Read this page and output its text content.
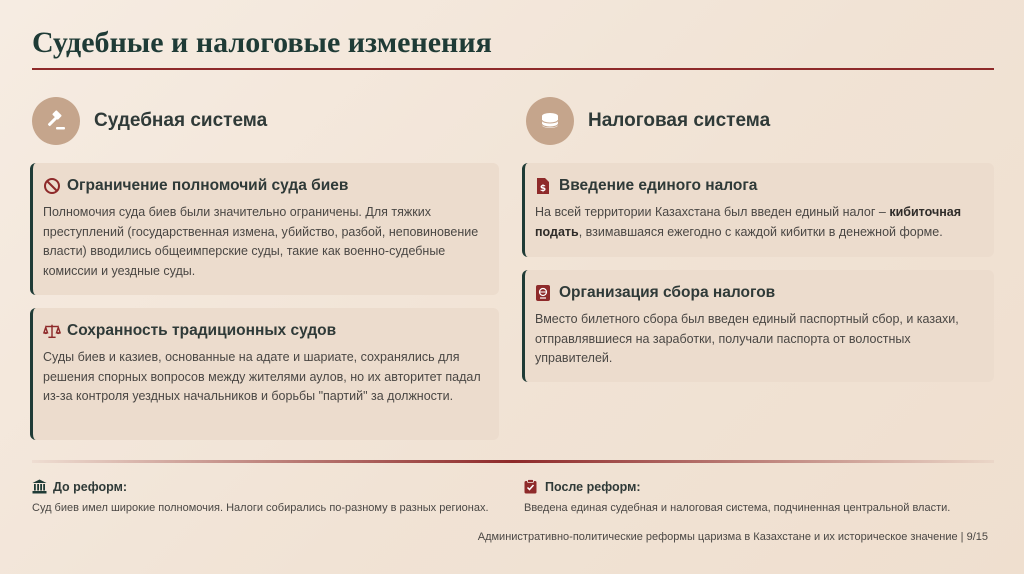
Судебные и налоговые изменения
Судебная система	Налоговая система
Ограничение полномочий суда биев
Полномочия суда биев были значительно ограничены. Для тяжких преступлений (государственная измена, убийство, разбой, неповиновение власти) вводились общеимперские суды, такие как военно-судебные комиссии и уездные суды.
Сохранность традиционных судов
Суды биев и казиев, основанные на адате и шариате, сохранялись для решения спорных вопросов между жителями аулов, но их авторитет падал из-за контроля уездных начальников и борьбы "партий" за должности.
$ Введение единого налога
На всей территории Казахстана был введен единый налог – кибиточная подать, взимавшаяся ежегодно с каждой кибитки в денежной форме.
Организация сбора налогов
Вместо билетного сбора был введен единый паспортный сбор, и казахи, отправлявшиеся на заработки, получали паспорта от волостных управителей.
До реформ:
Суд биев имел широкие полномочия. Налоги собирались по-разному в разных регионах.
После реформ:
Введена единая судебная и налоговая система, подчиненная центральной власти.
Административно-политические реформы царизма в Казахстане и их историческое значение | 9/15
